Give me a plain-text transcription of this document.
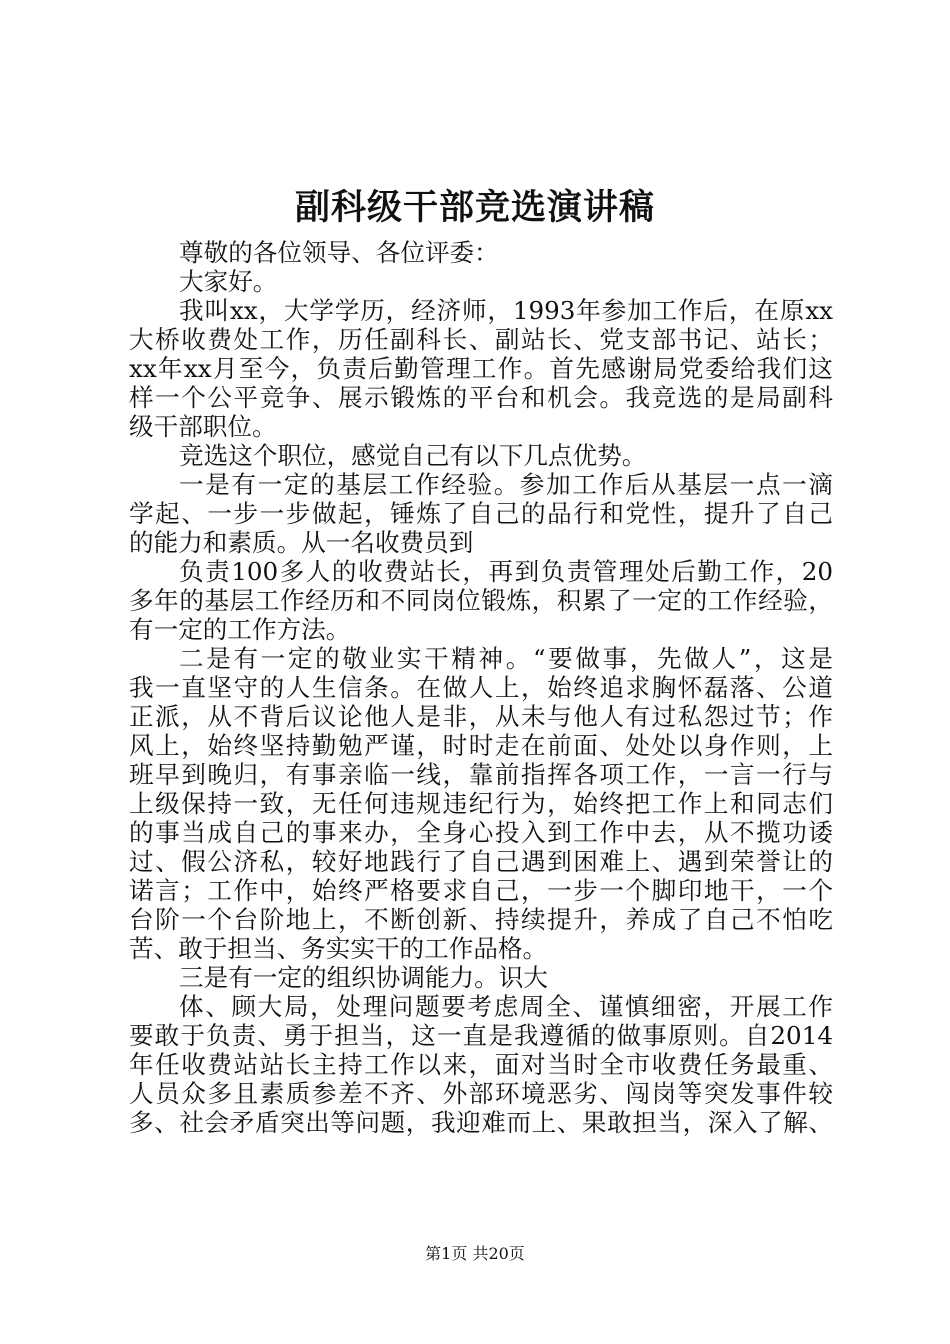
副科级干部竞选演讲稿
尊敬的各位领导、各位评委：
大家好。
我叫xx，大学学历，经济师，1993年参加工作后，在原xx
大桥收费处工作，历任副科长、副站长、党支部书记、站长；
xx年xx月至今，负责后勤管理工作。首先感谢局党委给我们这
样一个公平竞争、展示锻炼的平台和机会。我竞选的是局副科
级干部职位。
竞选这个职位，感觉自己有以下几点优势。
一是有一定的基层工作经验。参加工作后从基层一点一滴
学起、一步一步做起，锤炼了自己的品行和党性，提升了自己
的能力和素质。从一名收费员到
负责100多人的收费站长，再到负责管理处后勤工作，20
多年的基层工作经历和不同岗位锻炼，积累了一定的工作经验，
有一定的工作方法。
二是有一定的敬业实干精神。“要做事，先做人”，这是
我一直坚守的人生信条。在做人上，始终追求胸怀磊落、公道
正派，从不背后议论他人是非，从未与他人有过私怨过节；作
风上，始终坚持勤勉严谨，时时走在前面、处处以身作则，上
班早到晚归，有事亲临一线，靠前指挥各项工作，一言一行与
上级保持一致，无任何违规违纪行为，始终把工作上和同志们
的事当成自己的事来办，全身心投入到工作中去，从不揽功诿
过、假公济私，较好地践行了自己遇到困难上、遇到荣誉让的
诺言；工作中，始终严格要求自己，一步一个脚印地干，一个
台阶一个台阶地上，不断创新、持续提升，养成了自己不怕吃
苦、敢于担当、务实实干的工作品格。
三是有一定的组织协调能力。识大
体、顾大局，处理问题要考虑周全、谨慎细密，开展工作
要敢于负责、勇于担当，这一直是我遵循的做事原则。自2014
年任收费站站长主持工作以来，面对当时全市收费任务最重、
人员众多且素质参差不齐、外部环境恶劣、闯岗等突发事件较
多、社会矛盾突出等问题，我迎难而上、果敢担当，深入了解、
第1页 共20页
